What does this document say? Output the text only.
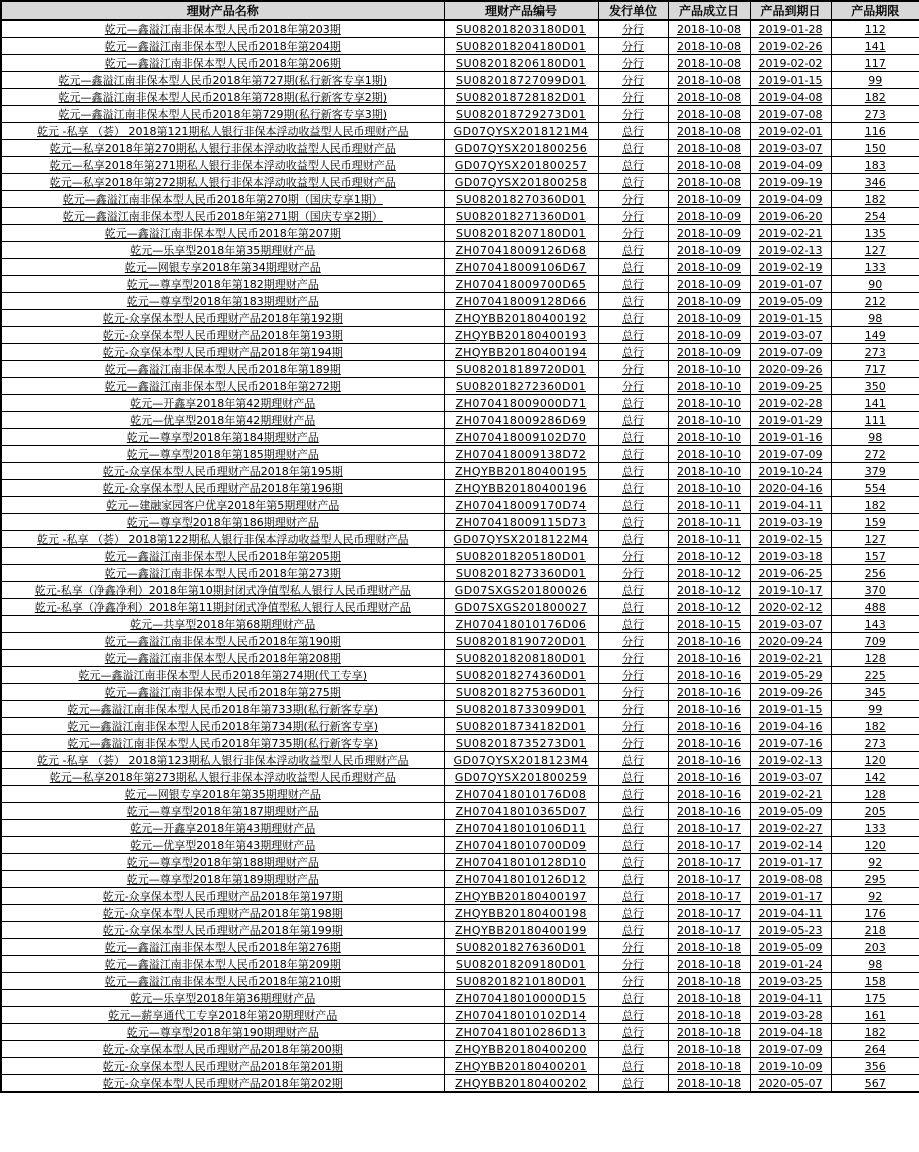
理财产品名称	理财产品编号	发行单位	产品成立日	产品到期日	产品期限
乾元—鑫溢江南非保本型人民币2018年第203期	SU082018203180D01	分行	2018-10-08	2019-01-28	112
乾元—鑫溢江南非保本型人民币2018年第204期	SU082018204180D01	分行	2018-10-08	2019-02-26	141
乾元—鑫溢江南非保本型人民币2018年第206期	SU082018206180D01	分行	2018-10-08	2019-02-02	117
乾元—鑫溢江南非保本型人民币2018年第727期(私行新客专享1期)	SU082018727099D01	分行	2018-10-08	2019-01-15	99
乾元—鑫溢江南非保本型人民币2018年第728期(私行新客专享2期)	SU082018728182D01	分行	2018-10-08	2019-04-08	182
乾元—鑫溢江南非保本型人民币2018年第729期(私行新客专享3期)	SU082018729273D01	分行	2018-10-08	2019-07-08	273
乾元 -私享 （荟） 2018第121期私人银行非保本浮动收益型人民币理财产品	GD07QYSX2018121M4	总行	2018-10-08	2019-02-01	116
乾元—私享2018年第270期私人银行非保本浮动收益型人民币理财产品	GD07QYSX201800256	总行	2018-10-08	2019-03-07	150
乾元—私享2018年第271期私人银行非保本浮动收益型人民币理财产品	GD07QYSX201800257	总行	2018-10-08	2019-04-09	183
乾元—私享2018年第272期私人银行非保本浮动收益型人民币理财产品	GD07QYSX201800258	总行	2018-10-08	2019-09-19	346
乾元—鑫溢江南非保本型人民币2018年第270期（国庆专享1期）	SU082018270360D01	分行	2018-10-09	2019-04-09	182
乾元—鑫溢江南非保本型人民币2018年第271期（国庆专享2期）	SU082018271360D01	分行	2018-10-09	2019-06-20	254
乾元—鑫溢江南非保本型人民币2018年第207期	SU082018207180D01	分行	2018-10-09	2019-02-21	135
乾元—乐享型2018年第35期理财产品	ZH070418009126D68	总行	2018-10-09	2019-02-13	127
乾元—网银专享2018年第34期理财产品	ZH070418009106D67	总行	2018-10-09	2019-02-19	133
乾元—尊享型2018年第182期理财产品	ZH070418009700D65	总行	2018-10-09	2019-01-07	90
乾元—尊享型2018年第183期理财产品	ZH070418009128D66	总行	2018-10-09	2019-05-09	212
乾元-众享保本型人民币理财产品2018年第192期	ZHQYBB20180400192	总行	2018-10-09	2019-01-15	98
乾元-众享保本型人民币理财产品2018年第193期	ZHQYBB20180400193	总行	2018-10-09	2019-03-07	149
乾元-众享保本型人民币理财产品2018年第194期	ZHQYBB20180400194	总行	2018-10-09	2019-07-09	273
乾元—鑫溢江南非保本型人民币2018年第189期	SU082018189720D01	分行	2018-10-10	2020-09-26	717
乾元—鑫溢江南非保本型人民币2018年第272期	SU082018272360D01	分行	2018-10-10	2019-09-25	350
乾元—开鑫享2018年第42期理财产品	ZH070418009000D71	总行	2018-10-10	2019-02-28	141
乾元—优享型2018年第42期理财产品	ZH070418009286D69	总行	2018-10-10	2019-01-29	111
乾元—尊享型2018年第184期理财产品	ZH070418009102D70	总行	2018-10-10	2019-01-16	98
乾元—尊享型2018年第185期理财产品	ZH070418009138D72	总行	2018-10-10	2019-07-09	272
乾元-众享保本型人民币理财产品2018年第195期	ZHQYBB20180400195	总行	2018-10-10	2019-10-24	379
乾元-众享保本型人民币理财产品2018年第196期	ZHQYBB20180400196	总行	2018-10-10	2020-04-16	554
乾元—建融家园客户优享2018年第5期理财产品	ZH070418009170D74	总行	2018-10-11	2019-04-11	182
乾元—尊享型2018年第186期理财产品	ZH070418009115D73	总行	2018-10-11	2019-03-19	159
乾元 -私享 （荟） 2018第122期私人银行非保本浮动收益型人民币理财产品	GD07QYSX2018122M4	总行	2018-10-11	2019-02-15	127
乾元—鑫溢江南非保本型人民币2018年第205期	SU082018205180D01	分行	2018-10-12	2019-03-18	157
乾元—鑫溢江南非保本型人民币2018年第273期	SU082018273360D01	分行	2018-10-12	2019-06-25	256
乾元-私享（净鑫净利）2018年第10期封闭式净值型私人银行人民币理财产品	GD07SXGS201800026	总行	2018-10-12	2019-10-17	370
乾元-私享（净鑫净利）2018年第11期封闭式净值型私人银行人民币理财产品	GD07SXGS201800027	总行	2018-10-12	2020-02-12	488
乾元—共享型2018年第68期理财产品	ZH070418010176D06	总行	2018-10-15	2019-03-07	143
乾元—鑫溢江南非保本型人民币2018年第190期	SU082018190720D01	分行	2018-10-16	2020-09-24	709
乾元—鑫溢江南非保本型人民币2018年第208期	SU082018208180D01	分行	2018-10-16	2019-02-21	128
乾元—鑫溢江南非保本型人民币2018年第274期(代工专享)	SU082018274360D01	分行	2018-10-16	2019-05-29	225
乾元—鑫溢江南非保本型人民币2018年第275期	SU082018275360D01	分行	2018-10-16	2019-09-26	345
乾元—鑫溢江南非保本型人民币2018年第733期(私行新客专享)	SU082018733099D01	分行	2018-10-16	2019-01-15	99
乾元—鑫溢江南非保本型人民币2018年第734期(私行新客专享)	SU082018734182D01	分行	2018-10-16	2019-04-16	182
乾元—鑫溢江南非保本型人民币2018年第735期(私行新客专享)	SU082018735273D01	分行	2018-10-16	2019-07-16	273
乾元 -私享 （荟） 2018第123期私人银行非保本浮动收益型人民币理财产品	GD07QYSX2018123M4	总行	2018-10-16	2019-02-13	120
乾元—私享2018年第273期私人银行非保本浮动收益型人民币理财产品	GD07QYSX201800259	总行	2018-10-16	2019-03-07	142
乾元—网银专享2018年第35期理财产品	ZH070418010176D08	总行	2018-10-16	2019-02-21	128
乾元—尊享型2018年第187期理财产品	ZH070418010365D07	总行	2018-10-16	2019-05-09	205
乾元—开鑫享2018年第43期理财产品	ZH070418010106D11	总行	2018-10-17	2019-02-27	133
乾元—优享型2018年第43期理财产品	ZH070418010700D09	总行	2018-10-17	2019-02-14	120
乾元—尊享型2018年第188期理财产品	ZH070418010128D10	总行	2018-10-17	2019-01-17	92
乾元—尊享型2018年第189期理财产品	ZH070418010126D12	总行	2018-10-17	2019-08-08	295
乾元-众享保本型人民币理财产品2018年第197期	ZHQYBB20180400197	总行	2018-10-17	2019-01-17	92
乾元-众享保本型人民币理财产品2018年第198期	ZHQYBB20180400198	总行	2018-10-17	2019-04-11	176
乾元-众享保本型人民币理财产品2018年第199期	ZHQYBB20180400199	总行	2018-10-17	2019-05-23	218
乾元—鑫溢江南非保本型人民币2018年第276期	SU082018276360D01	分行	2018-10-18	2019-05-09	203
乾元—鑫溢江南非保本型人民币2018年第209期	SU082018209180D01	分行	2018-10-18	2019-01-24	98
乾元—鑫溢江南非保本型人民币2018年第210期	SU082018210180D01	分行	2018-10-18	2019-03-25	158
乾元—乐享型2018年第36期理财产品	ZH070418010000D15	总行	2018-10-18	2019-04-11	175
乾元—薪享通代工专享2018年第20期理财产品	ZH070418010102D14	总行	2018-10-18	2019-03-28	161
乾元—尊享型2018年第190期理财产品	ZH070418010286D13	总行	2018-10-18	2019-04-18	182
乾元-众享保本型人民币理财产品2018年第200期	ZHQYBB20180400200	总行	2018-10-18	2019-07-09	264
乾元-众享保本型人民币理财产品2018年第201期	ZHQYBB20180400201	总行	2018-10-18	2019-10-09	356
乾元-众享保本型人民币理财产品2018年第202期	ZHQYBB20180400202	总行	2018-10-18	2020-05-07	567
